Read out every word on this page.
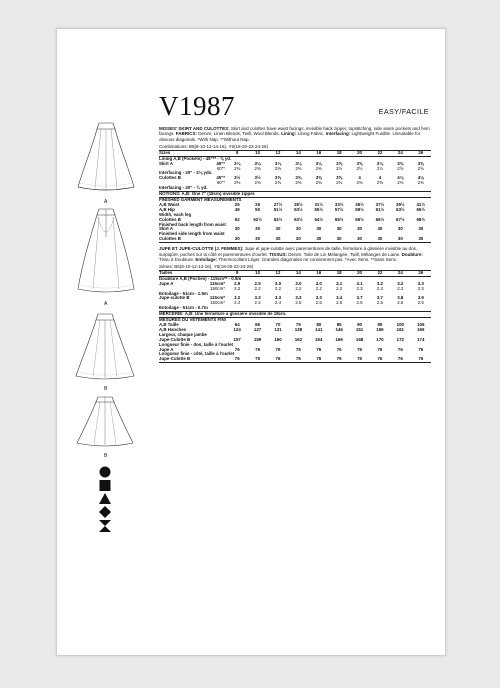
A
A
B
B
V1987	EASY/FACILE
MISSES' SKIRT AND CULOTTES: Skirt and culottes have waist facings, invisible back zipper, topstitching, side seam pockets and hem facings. FABRICS: Denim, Linen Blends, Twill, Wool Blends. Lining: Lining Fabric. Interfacing: Lightweight Fusible. Unsuitable for obvious diagonals. *With Nap. **Without Nap.
Combinations: B5(8-10-12-14-16), Y5(18-20-22-24-26)
Sizes		8	10	12	14	16	18	20	22	24	26
Lining A,B (Pockets) - 45"** - ⅜ yd.											
Skirt A	45"*	3⅛	3⅛	3⅛	3⅛	3⅛	3⅝	3⅝	3⅛	3⅝	3⅝
	60"*	2⅜	2⅜	2⅜	2⅜	2⅜	2½	2½	2½	2⅝	2⅝
Interfacing - 20" - 2⅛ yds.											
Culottes B	45"*	3½	3½	3⅝	3⅝	3⅝	3⅝	4	4	4⅛	4⅛
	60"*	2⅜	2⅜	2⅜	2⅜	2⅜	2⅜	2⅜	2⅜	2⅜	2⅜
Interfacing - 20" - ¾ yd.											
NOTIONS: A,B: One 7" (18cm) invisible zipper.											
FINISHED GARMENT MEASUREMENTS											
A,B Waist		25	26	27½	29½	31½	33½	35½	37½	39½	41½
A,B Hip		49	50	51½	53½	55½	57½	59½	61½	63½	65½
Width, each leg											
Culottes B		62	62½	63½	63½	64½	65½	66½	66½	67½	68½
Finished back length from waist											
Skirt A		30	30	30	30	30	30	30	30	30	30
Finished side length from waist											
Culottes B		30	30	30	30	30	30	30	30	30	30
JUPE ET JUPE-CULOTTE (J. FEMMES): Jupe et jupe-culotte avec parementures de taille, fermeture à glissière invisible au dos, surpiqûre, poches sur la côté et parementures d'ourlet. TISSUS: Denim, Toile de Lin Mélangée, Twill, Mélanges de Laine. Doublure: Tissu à Doublure. Entoilage: Thermocollant Léger. Grandes diagonales ne conviennent pas. *Avec Sens. **Sans Sens.
Séries: B5(8-10-12-14-16), Y5(18-20-22-24-26)
Tailles		8	10	12	14	16	18	20	22	24	26
Doublure A,B (Poches) - 115cm** - 0.5m											
Jupe A	115cm*	2.9	2.9	3.0	3.0	3.0	3.1	3.1	3.2	3.2	3.3
	150cm*	2.2	2.2	2.2	2.2	2.2	2.2	2.3	2.3	2.3	2.3
Entoilage - 51cm - 1.9m											
Jupe-culotte B	115cm*	3.2	3.2	3.3	3.3	3.3	3.4	3.7	3.7	3.8	3.9
	150cm*	2.4	2.4	2.4	2.5	2.5	2.5	2.5	2.5	2.5	2.5
Entoilage - 51cm - 0.7m											
MERCERIE: A,B: Une fermeture à glissière invisible de 18cm.											
MESURES DU VÊTEMENTS FINI											
A,B Taille		64	66	70	75	80	85	90	95	100	105
A,B Hanches		124	127	131	138	141	146	151	156	161	166
Largeur, chaque jambe											
Jupe-Culotte B		157	159	160	162	164	166	168	170	172	174
Longueur finie - dos, taille à l'ourlet											
Jupe A		76	76	76	76	76	76	76	76	76	76
Longueur finie - côté, taille à l'ourlet											
Jupe-Culotte B		76	76	76	76	76	76	76	76	76	76
